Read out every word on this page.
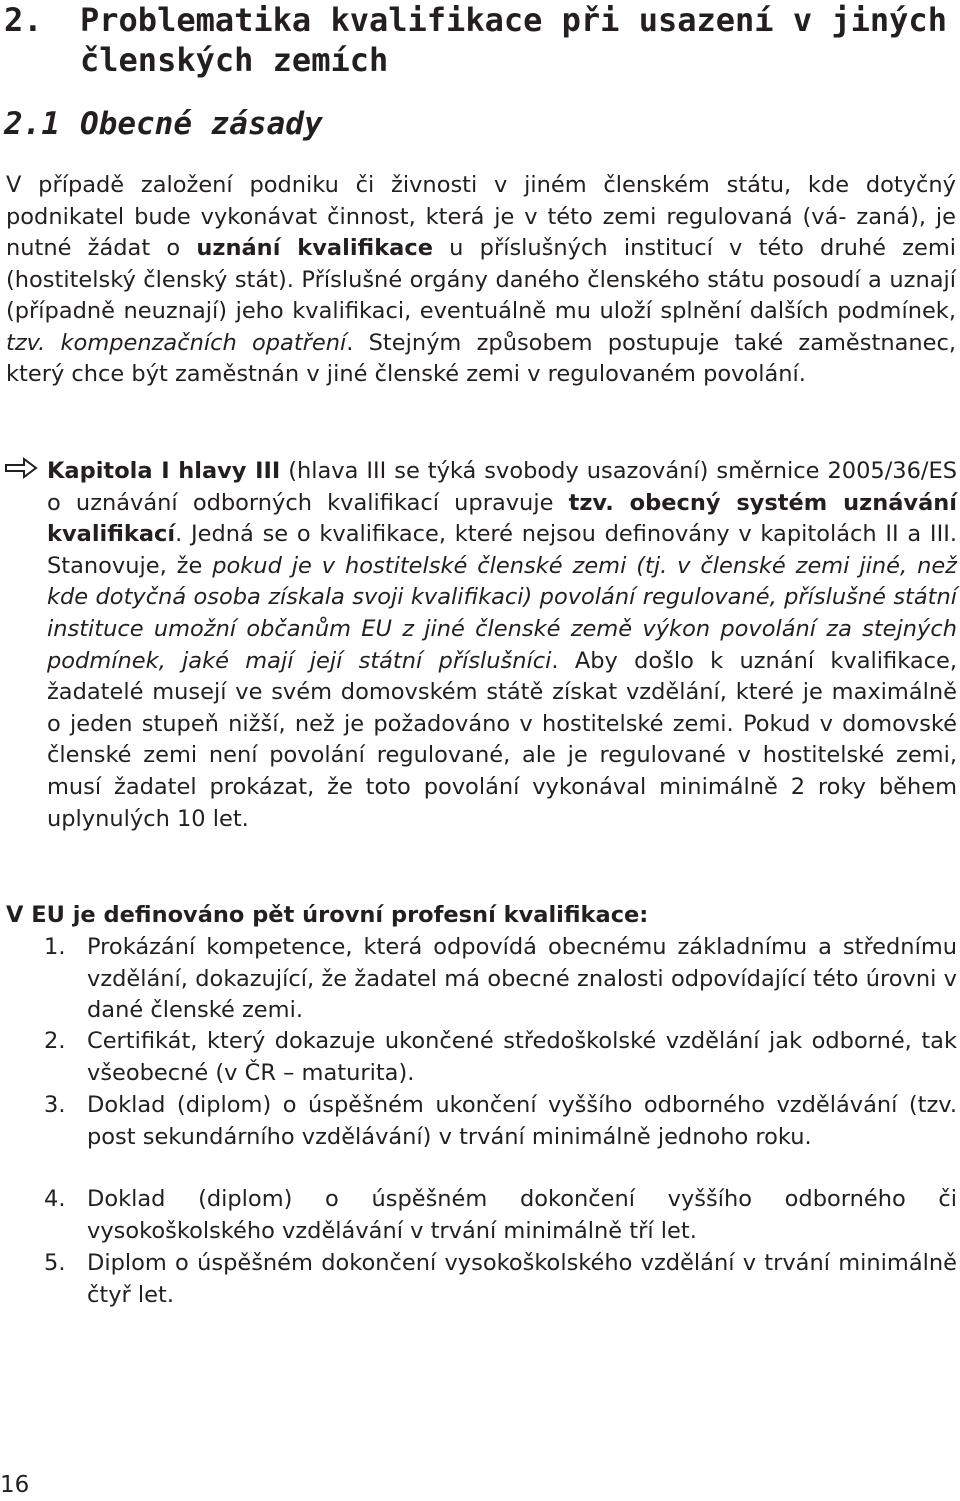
2. Problematika kvalifikace při usazení v jiných
členských zemích
2.1 Obecné zásady
V případě založení podniku či živnosti v jiném členském státu, kde dotyčný podnikatel bude vykonávat činnost, která je v této zemi regulovaná (vá- zaná), je nutné žádat o uznání kvalifikace u příslušných institucí v této druhé zemi (hostitelský členský stát). Příslušné orgány daného členského státu posoudí a uznají (případně neuznají) jeho kvalifikaci, eventuálně mu uloží splnění dalších podmínek, tzv. kompenzačních opatření. Stejným způsobem postupuje také zaměstnanec, který chce být zaměstnán v jiné členské zemi v regulovaném povolání.
Kapitola I hlavy III (hlava III se týká svobody usazování) směrnice 2005/36/ES o uznávání odborných kvalifikací upravuje tzv. obecný systém uznávání kvalifikací. Jedná se o kvalifikace, které nejsou definovány v kapitolách II a III. Stanovuje, že pokud je v hostitelské členské zemi (tj. v členské zemi jiné, než kde dotyčná osoba získala svoji kvalifikaci) povolání regulované, příslušné státní instituce umožní občanům EU z jiné členské země výkon povolání za stejných podmínek, jaké mají její státní příslušníci. Aby došlo k uznání kvalifikace, žadatelé musejí ve svém domovském státě získat vzdělání, které je maximálně o jeden stupeň nižší, než je požadováno v hostitelské zemi. Pokud v domovské členské zemi není povolání regulované, ale je regulované v hostitelské zemi, musí žadatel prokázat, že toto povolání vykonával minimálně 2 roky během uplynulých 10 let.
V EU je definováno pět úrovní profesní kvalifikace:
1. Prokázání kompetence, která odpovídá obecnému základnímu a střednímu vzdělání, dokazující, že žadatel má obecné znalosti odpovídající této úrovni v dané členské zemi.
2. Certifikát, který dokazuje ukončené středoškolské vzdělání jak odborné, tak všeobecné (v ČR – maturita).
3. Doklad (diplom) o úspěšném ukončení vyššího odborného vzdělávání (tzv. post sekundárního vzdělávání) v trvání minimálně jednoho roku.
4. Doklad (diplom) o úspěšném dokončení vyššího odborného či vysokoškolského vzdělávání v trvání minimálně tří let.
5. Diplom o úspěšném dokončení vysokoškolského vzdělání v trvání minimálně čtyř let.
16
